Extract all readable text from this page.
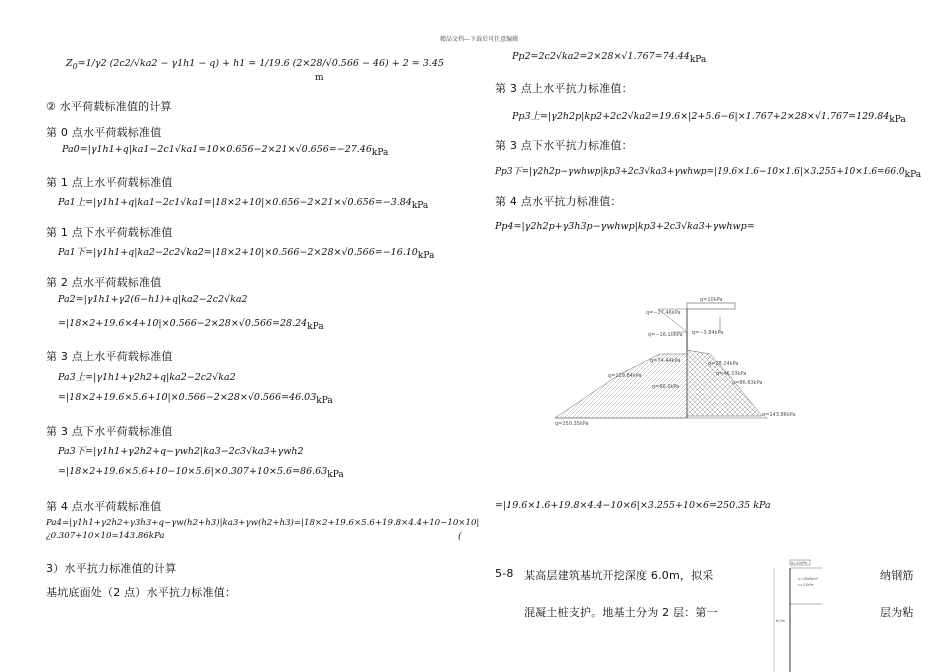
精品文档---下载后可任意编辑
$Z_0=1/\gamma 2$ (2c2/√ka2 − γ1h1 − q) + h1 = 1/19.6 (2×28/√0.566 − 46) + 2 = 3.45
m
② 水平荷载标准值的计算
第 0 点水平荷载标准值
Pa0=|γ1h1+q|ka1−2c1√ka1=10×0.656−2×21×√0.656=−27.46kPa
第 1 点上水平荷载标准值
Pa1上=|γ1h1+q|ka1−2c1√ka1=|18×2+10|×0.656−2×21×√0.656=−3.84kPa
第 1 点下水平荷载标准值
Pa1下=|γ1h1+q|ka2−2c2√ka2=|18×2+10|×0.566−2×28×√0.566=−16.10kPa
第 2 点水平荷载标准值
Pa2=|γ1h1+γ2(6−h1)+q|ka2−2c2√ka2
=|18×2+19.6×4+10|×0.566−2×28×√0.566=28.24kPa
第 3 点上水平荷载标准值
Pa3上=|γ1h1+γ2h2+q|ka2−2c2√ka2
=|18×2+19.6×5.6+10|×0.566−2×28×√0.566=46.03kPa
第 3 点下水平荷载标准值
Pa3下=|γ1h1+γ2h2+q−γwh2|ka3−2c3√ka3+γwh2
=|18×2+19.6×5.6+10−10×5.6|×0.307+10×5.6=86.63kPa
第 4 点水平荷载标准值
Pa4=|γ1h1+γ2h2+γ3h3+q−γw(h2+h3)|ka3+γw(h2+h3)=|18×2+19.6×5.6+19.8×4.4+10−10×10|
(
¿0.307+10×10=143.86kPa
3）水平抗力标准值的计算
基坑底面处（2 点）水平抗力标准值：
Pp2=2c2√ka2=2×28×√1.767=74.44kPa
第 3 点上水平抗力标准值：
Pp3上=|γ2h2p|kp2+2c2√ka2=19.6×|2+5.6−6|×1.767+2×28×√1.767=129.84kPa
第 3 点下水平抗力标准值：
Pp3下=|γ2h2p−γwhwp|kp3+2c3√ka3+γwhwp=|19.6×1.6−10×1.6|×3.255+10×1.6=66.0kPa
第 4 点水平抗力标准值：
Pp4=|γ2h2p+γ3h3p−γwhwp|kp3+2c3√ka3+γwhwp=
q=10kPa
q=−27.46kPa
q=−16.10kPa q=−3.84kPa
q=74.44kPa	q=28.24kPa
q=129.84kPa	q=46.03kPa
q=66.0kPa
q=86.63kPa
q=250.35kPa
q=143.86kPa
=|19.6×1.6+19.8×4.4−10×6|×3.255+10×6=250.35 kPa
5-8 某高层建筑基坑开挖深度 6.0m，拟采	纳钢筋
混凝土桩支护。地基土分为 2 层：第一	层为粘
q=10kPa
γ=18kN/m³
c=21kPa
6.0m
